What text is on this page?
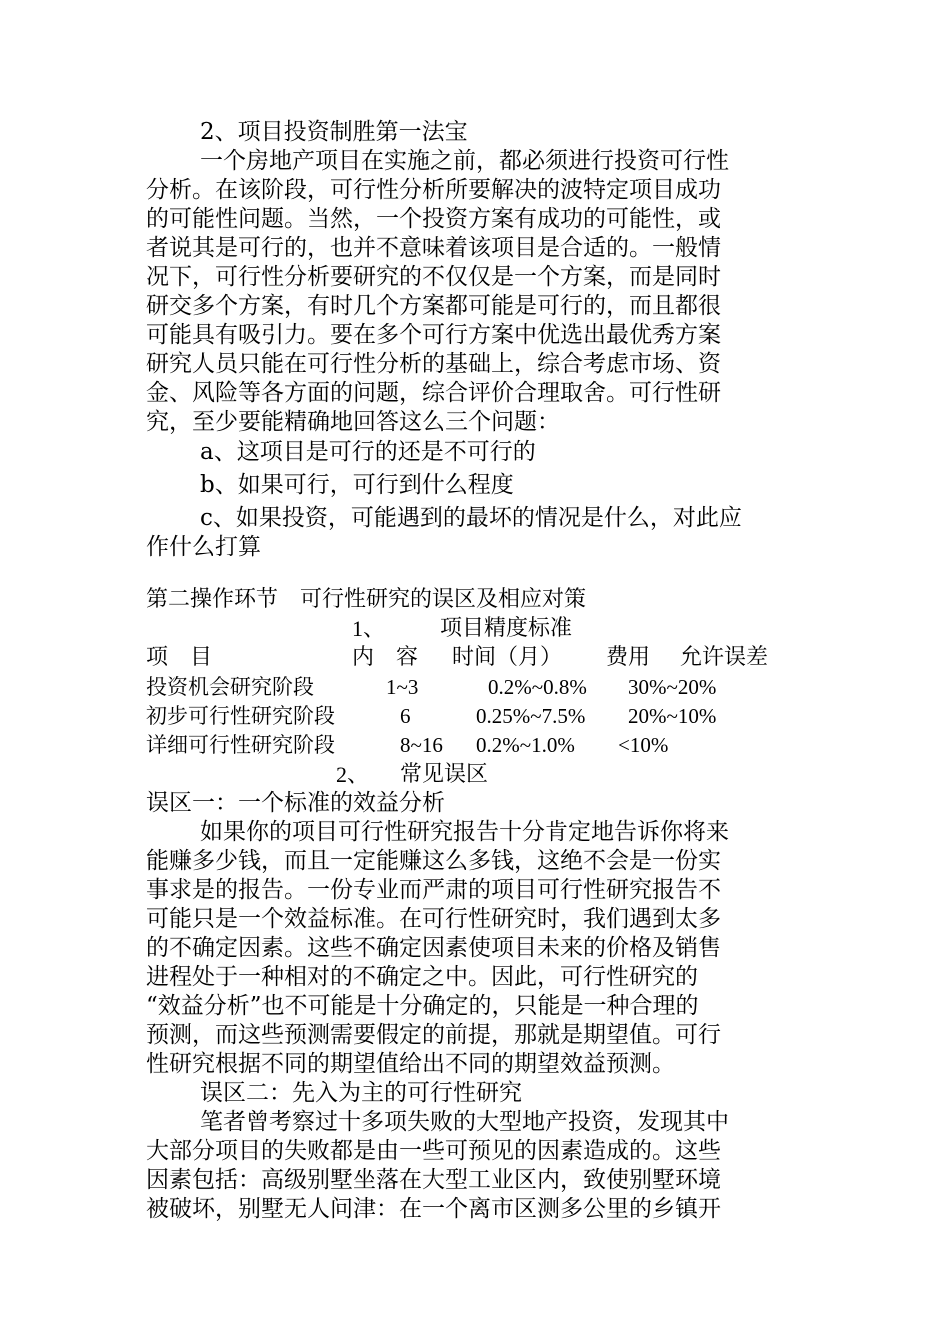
2、项目投资制胜第一法宝
一个房地产项目在实施之前，都必须进行投资可行性
分析。在该阶段，可行性分析所要解决的波特定项目成功
的可能性问题。当然，一个投资方案有成功的可能性，或
者说其是可行的，也并不意味着该项目是合适的。一般情
况下，可行性分析要研究的不仅仅是一个方案，而是同时
研交多个方案，有时几个方案都可能是可行的，而且都很
可能具有吸引力。要在多个可行方案中优选出最优秀方案
研究人员只能在可行性分析的基础上，综合考虑市场、资
金、风险等各方面的问题，综合评价合理取舍。可行性研
究，至少要能精确地回答这么三个问题：
a、这项目是可行的还是不可行的
b、如果可行，可行到什么程度
c、如果投资，可能遇到的最坏的情况是什么，对此应
作什么打算
第二操作环节　可行性研究的误区及相应对策
1、 项目精度标准
项　目	内　容 时间（月） 费用 允许误差
投资机会研究阶段	1~3	0.2%~0.8% 30%~20%
初步可行性研究阶段	6	0.25%~7.5% 20%~10%
详细可行性研究阶段	8~16 0.2%~1.0% <10%
2、 常见误区
误区一：一个标准的效益分析
如果你的项目可行性研究报告十分肯定地告诉你将来
能赚多少钱，而且一定能赚这么多钱，这绝不会是一份实
事求是的报告。一份专业而严肃的项目可行性研究报告不
可能只是一个效益标准。在可行性研究时，我们遇到太多
的不确定因素。这些不确定因素使项目未来的价格及销售
进程处于一种相对的不确定之中。因此，可行性研究的
“效益分析”也不可能是十分确定的，只能是一种合理的
预测，而这些预测需要假定的前提，那就是期望值。可行
性研究根据不同的期望值给出不同的期望效益预测。
误区二：先入为主的可行性研究
笔者曾考察过十多项失败的大型地产投资，发现其中
大部分项目的失败都是由一些可预见的因素造成的。这些
因素包括：高级别墅坐落在大型工业区内，致使别墅环境
被破坏，别墅无人问津：在一个离市区测多公里的乡镇开
